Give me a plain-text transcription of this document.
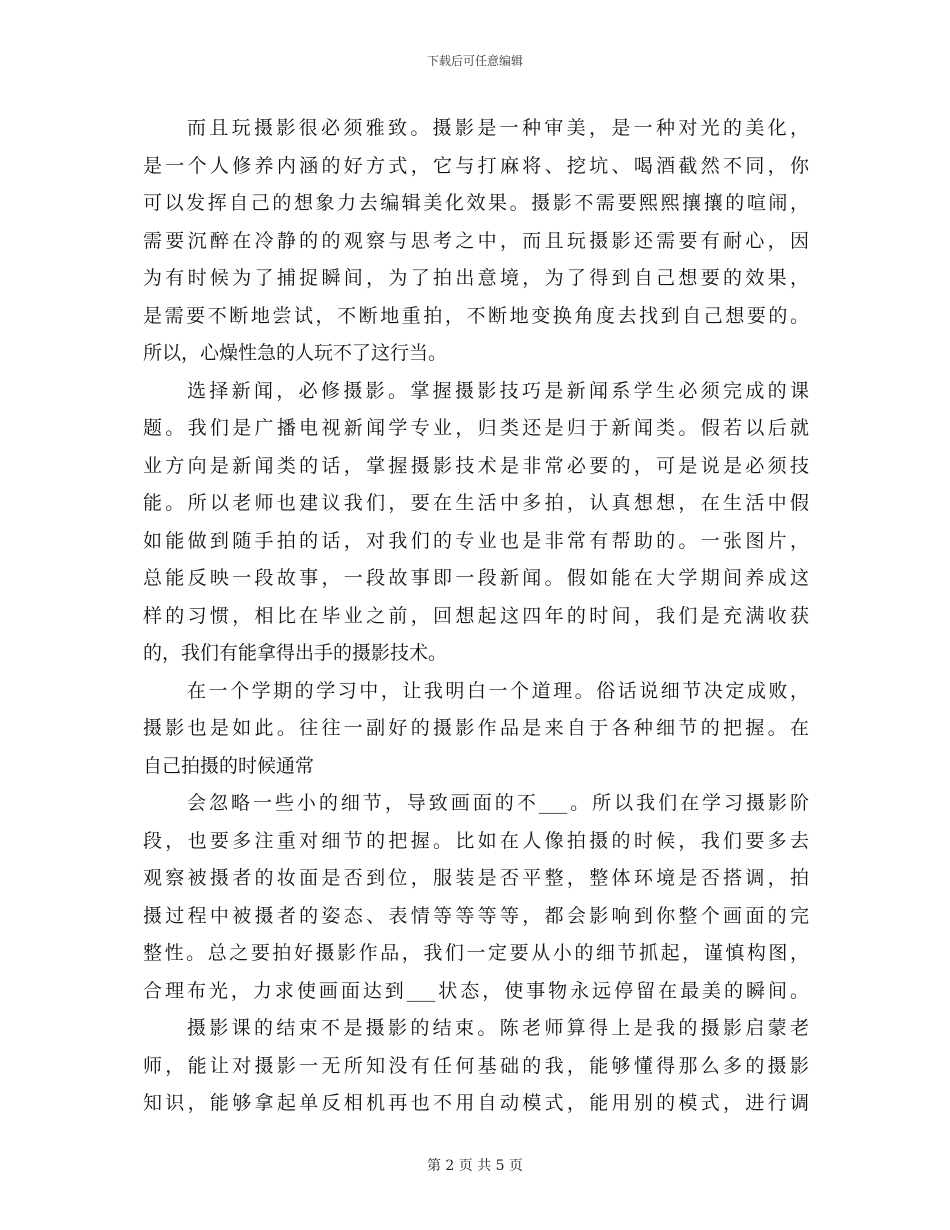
下载后可任意编辑
而且玩摄影很必须雅致。摄影是一种审美，是一种对光的美化，
是一个人修养内涵的好方式，它与打麻将、挖坑、喝酒截然不同，你
可以发挥自己的想象力去编辑美化效果。摄影不需要熙熙攘攘的喧闹，
需要沉醉在冷静的的观察与思考之中，而且玩摄影还需要有耐心，因
为有时候为了捕捉瞬间，为了拍出意境，为了得到自己想要的效果，
是需要不断地尝试，不断地重拍，不断地变换角度去找到自己想要的。
所以，心燥性急的人玩不了这行当。
选择新闻，必修摄影。掌握摄影技巧是新闻系学生必须完成的课
题。我们是广播电视新闻学专业，归类还是归于新闻类。假若以后就
业方向是新闻类的话，掌握摄影技术是非常必要的，可是说是必须技
能。所以老师也建议我们，要在生活中多拍，认真想想，在生活中假
如能做到随手拍的话，对我们的专业也是非常有帮助的。一张图片，
总能反映一段故事，一段故事即一段新闻。假如能在大学期间养成这
样的习惯，相比在毕业之前，回想起这四年的时间，我们是充满收获
的，我们有能拿得出手的摄影技术。
在一个学期的学习中，让我明白一个道理。俗话说细节决定成败，
摄影也是如此。往往一副好的摄影作品是来自于各种细节的把握。在
自己拍摄的时候通常
会忽略一些小的细节，导致画面的不___。所以我们在学习摄影阶
段，也要多注重对细节的把握。比如在人像拍摄的时候，我们要多去
观察被摄者的妆面是否到位，服装是否平整，整体环境是否搭调，拍
摄过程中被摄者的姿态、表情等等等等，都会影响到你整个画面的完
整性。总之要拍好摄影作品，我们一定要从小的细节抓起，谨慎构图，
合理布光，力求使画面达到___状态，使事物永远停留在最美的瞬间。
摄影课的结束不是摄影的结束。陈老师算得上是我的摄影启蒙老
师，能让对摄影一无所知没有任何基础的我，能够懂得那么多的摄影
知识，能够拿起单反相机再也不用自动模式，能用别的模式，进行调
第 2 页 共 5 页
